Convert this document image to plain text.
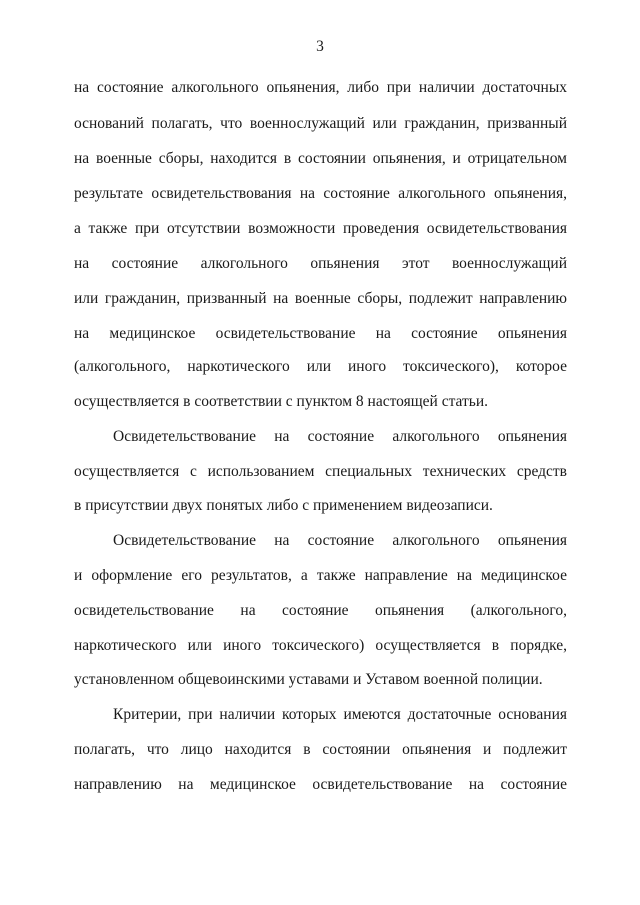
3
на состояние алкогольного опьянения, либо при наличии достаточных
оснований полагать, что военнослужащий или гражданин, призванный
на военные сборы, находится в состоянии опьянения, и отрицательном
результате освидетельствования на состояние алкогольного опьянения,
а также при отсутствии возможности проведения освидетельствования
на состояние алкогольного опьянения этот военнослужащий
или гражданин, призванный на военные сборы, подлежит направлению
на медицинское освидетельствование на состояние опьянения
(алкогольного, наркотического или иного токсического), которое
осуществляется в соответствии с пунктом 8 настоящей статьи.
Освидетельствование на состояние алкогольного опьянения
осуществляется с использованием специальных технических средств
в присутствии двух понятых либо с применением видеозаписи.
Освидетельствование на состояние алкогольного опьянения
и оформление его результатов, а также направление на медицинское
освидетельствование на состояние опьянения (алкогольного,
наркотического или иного токсического) осуществляется в порядке,
установленном общевоинскими уставами и Уставом военной полиции.
Критерии, при наличии которых имеются достаточные основания
полагать, что лицо находится в состоянии опьянения и подлежит
направлению на медицинское освидетельствование на состояние
